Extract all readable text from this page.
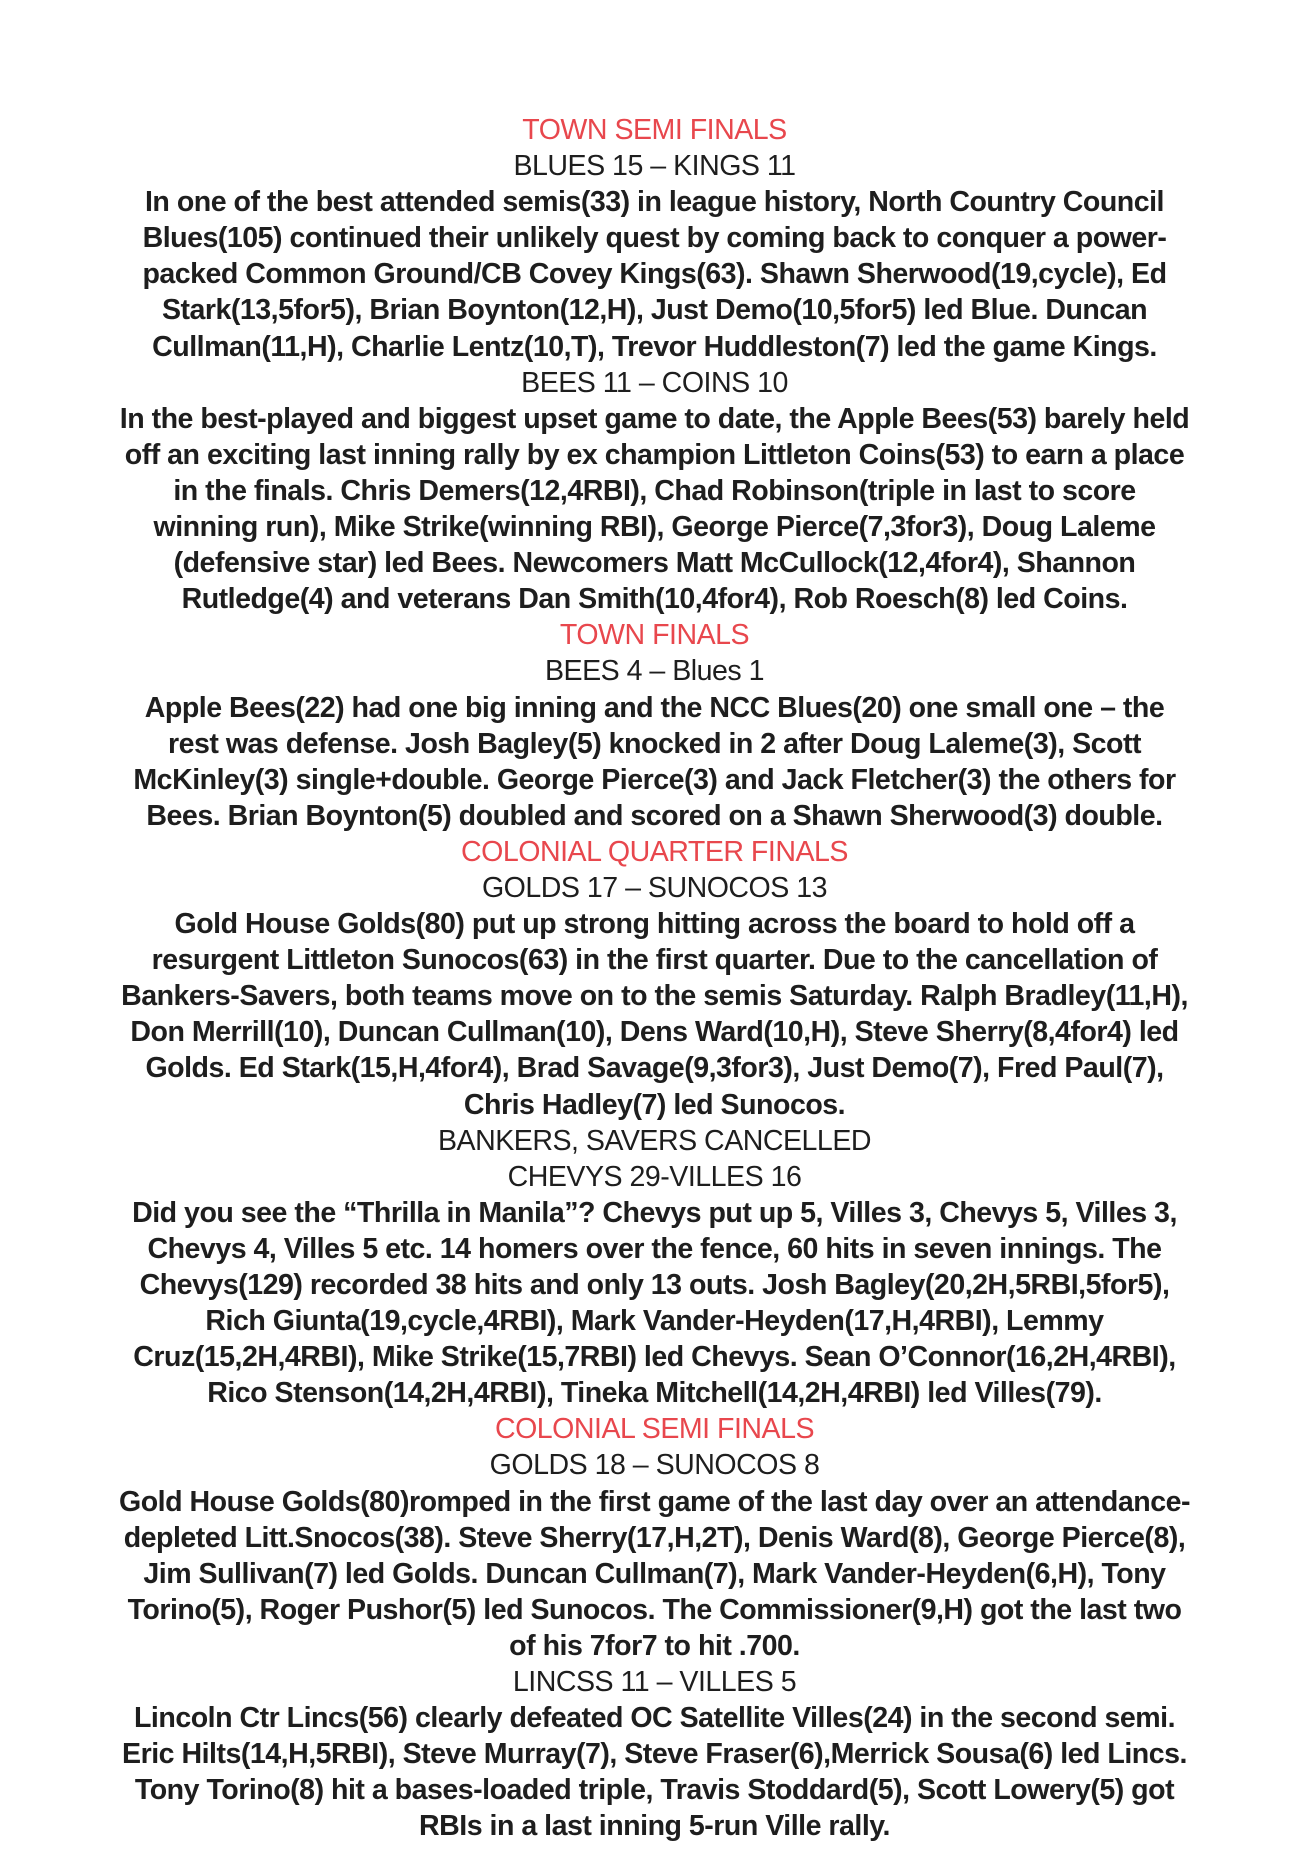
TOWN SEMI FINALS
BLUES 15 – KINGS 11
In one of the best attended semis(33) in league history, North Country Council
Blues(105) continued their unlikely quest by coming back to conquer a power-
packed Common Ground/CB Covey Kings(63). Shawn Sherwood(19,cycle), Ed
Stark(13,5for5), Brian Boynton(12,H), Just Demo(10,5for5) led Blue. Duncan
Cullman(11,H), Charlie Lentz(10,T), Trevor Huddleston(7) led the game Kings.
BEES 11 – COINS 10
In the best-played and biggest upset game to date, the Apple Bees(53) barely held
off an exciting last inning rally by ex champion Littleton Coins(53) to earn a place
in the finals. Chris Demers(12,4RBI), Chad Robinson(triple in last to score
winning run), Mike Strike(winning RBI), George Pierce(7,3for3), Doug Laleme
(defensive star) led Bees. Newcomers Matt McCullock(12,4for4), Shannon
Rutledge(4) and veterans Dan Smith(10,4for4), Rob Roesch(8) led Coins.
TOWN FINALS
BEES 4 – Blues 1
Apple Bees(22) had one big inning and the NCC Blues(20) one small one – the
rest was defense. Josh Bagley(5) knocked in 2 after Doug Laleme(3), Scott
McKinley(3) single+double. George Pierce(3) and Jack Fletcher(3) the others for
Bees. Brian Boynton(5) doubled and scored on a Shawn Sherwood(3) double.
COLONIAL QUARTER FINALS
GOLDS 17 – SUNOCOS 13
Gold House Golds(80) put up strong hitting across the board to hold off a
resurgent Littleton Sunocos(63) in the first quarter. Due to the cancellation of
Bankers-Savers, both teams move on to the semis Saturday. Ralph Bradley(11,H),
Don Merrill(10), Duncan Cullman(10), Dens Ward(10,H), Steve Sherry(8,4for4) led
Golds. Ed Stark(15,H,4for4), Brad Savage(9,3for3), Just Demo(7), Fred Paul(7),
Chris Hadley(7) led Sunocos.
BANKERS, SAVERS CANCELLED
CHEVYS 29-VILLES 16
Did you see the “Thrilla in Manila”? Chevys put up 5, Villes 3, Chevys 5, Villes 3,
Chevys 4, Villes 5 etc. 14 homers over the fence, 60 hits in seven innings. The
Chevys(129) recorded 38 hits and only 13 outs. Josh Bagley(20,2H,5RBI,5for5),
Rich Giunta(19,cycle,4RBI), Mark Vander-Heyden(17,H,4RBI), Lemmy
Cruz(15,2H,4RBI), Mike Strike(15,7RBI) led Chevys. Sean O’Connor(16,2H,4RBI),
Rico Stenson(14,2H,4RBI), Tineka Mitchell(14,2H,4RBI) led Villes(79).
COLONIAL SEMI FINALS
GOLDS 18 – SUNOCOS 8
Gold House Golds(80)romped in the first game of the last day over an attendance-
depleted Litt.Snocos(38). Steve Sherry(17,H,2T), Denis Ward(8), George Pierce(8),
Jim Sullivan(7) led Golds. Duncan Cullman(7), Mark Vander-Heyden(6,H), Tony
Torino(5), Roger Pushor(5) led Sunocos. The Commissioner(9,H) got the last two
of his 7for7 to hit .700.
LINCSS 11 – VILLES 5
Lincoln Ctr Lincs(56) clearly defeated OC Satellite Villes(24) in the second semi.
Eric Hilts(14,H,5RBI), Steve Murray(7), Steve Fraser(6),Merrick Sousa(6) led Lincs.
Tony Torino(8) hit a bases-loaded triple, Travis Stoddard(5), Scott Lowery(5) got
RBIs in a last inning 5-run Ville rally.
